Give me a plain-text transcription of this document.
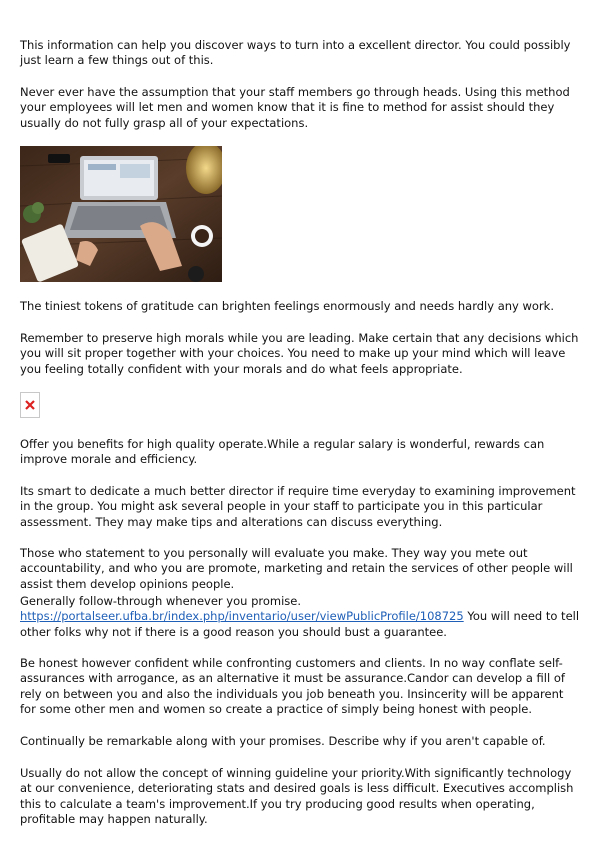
This information can help you discover ways to turn into a excellent director. You could possibly just learn a few things out of this.

Never ever have the assumption that your staff members go through heads. Using this method your employees will let men and women know that it is fine to method for assist should they usually do not fully grasp all of your expectations.

The tiniest tokens of gratitude can brighten feelings enormously and needs hardly any work.

Remember to preserve high morals while you are leading. Make certain that any decisions which you will sit proper together with your choices. You need to make up your mind which will leave you feeling totally confident with your morals and do what feels appropriate.

Offer you benefits for high quality operate.While a regular salary is wonderful, rewards can improve morale and efficiency.

Its smart to dedicate a much better director if require time everyday to examining improvement in the group. You might ask several people in your staff to participate you in this particular assessment. They may make tips and alterations can discuss everything.

Those who statement to you personally will evaluate you make. They way you mete out accountability, and who you are promote, marketing and retain the services of other people will assist them develop opinions people.

Generally follow-through whenever you promise.
https://portalseer.ufba.br/index.php/inventario/user/viewPublicProfile/108725 You will need to tell other folks why not if there is a good reason you should bust a guarantee.

Be honest however confident while confronting customers and clients. In no way conflate self-assurances with arrogance, as an alternative it must be assurance.Candor can develop a fill of rely on between you and also the individuals you job beneath you. Insincerity will be apparent for some other men and women so create a practice of simply being honest with people.

Continually be remarkable along with your promises. Describe why if you aren't capable of.

Usually do not allow the concept of winning guideline your priority.With significantly technology at our convenience, deteriorating stats and desired goals is less difficult. Executives accomplish this to calculate a team's improvement.If you try producing good results when operating, profitable may happen naturally.
